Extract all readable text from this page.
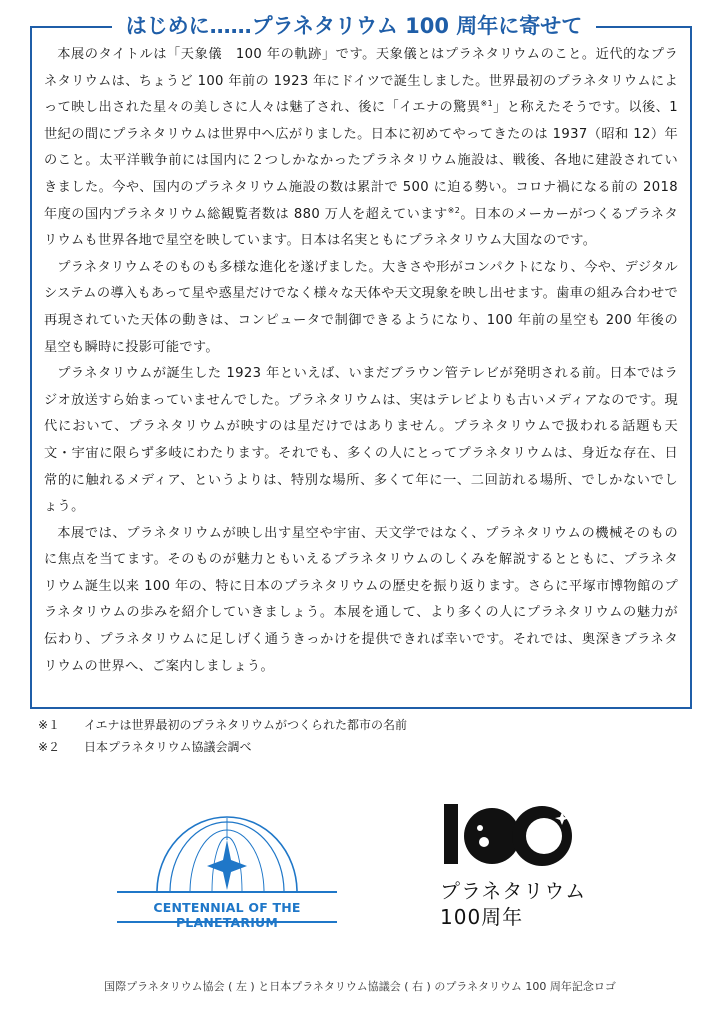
はじめに……プラネタリウム 100 周年に寄せて

本展のタイトルは「天象儀　100 年の軌跡」です。天象儀とはプラネタリウムのこと。近代的なプラネタリウムは、ちょうど 100 年前の 1923 年にドイツで誕生しました。世界最初のプラネタリウムによって映し出された星々の美しさに人々は魅了され、後に「イエナの驚異$^{※1}$」と称えたそうです。以後、1 世紀の間にプラネタリウムは世界中へ広がりました。日本に初めてやってきたのは 1937（昭和 12）年のこと。太平洋戦争前には国内に２つしかなかったプラネタリウム施設は、戦後、各地に建設されていきました。今や、国内のプラネタリウム施設の数は累計で 500 に迫る勢い。コロナ禍になる前の 2018 年度の国内プラネタリウム総観覧者数は 880 万人を超えています$^{※2}$。日本のメーカーがつくるプラネタリウムも世界各地で星空を映しています。日本は名実ともにプラネタリウム大国なのです。

プラネタリウムそのものも多様な進化を遂げました。大きさや形がコンパクトになり、今や、デジタルシステムの導入もあって星や惑星だけでなく様々な天体や天文現象を映し出せます。歯車の組み合わせで再現されていた天体の動きは、コンピュータで制御できるようになり、100 年前の星空も 200 年後の星空も瞬時に投影可能です。

プラネタリウムが誕生した 1923 年といえば、いまだブラウン管テレビが発明される前。日本ではラジオ放送すら始まっていませんでした。プラネタリウムは、実はテレビよりも古いメディアなのです。現代において、プラネタリウムが映すのは星だけではありません。プラネタリウムで扱われる話題も天文・宇宙に限らず多岐にわたります。それでも、多くの人にとってプラネタリウムは、身近な存在、日常的に触れるメディア、というよりは、特別な場所、多くて年に一、二回訪れる場所、でしかないでしょう。

本展では、プラネタリウムが映し出す星空や宇宙、天文学ではなく、プラネタリウムの機械そのものに焦点を当てます。そのものが魅力ともいえるプラネタリウムのしくみを解説するとともに、プラネタリウム誕生以来 100 年の、特に日本のプラネタリウムの歴史を振り返ります。さらに平塚市博物館のプラネタリウムの歩みを紹介していきましょう。本展を通して、より多くの人にプラネタリウムの魅力が伝わり、プラネタリウムに足しげく通うきっかけを提供できれば幸いです。それでは、奥深きプラネタリウムの世界へ、ご案内しましょう。

※１	イエナは世界最初のプラネタリウムがつくられた都市の名前
※２	日本プラネタリウム協議会調べ
CENTENNIAL OF THE PLANETARIUM
プラネタリウム
100周年
国際プラネタリウム協会 ( 左 ) と日本プラネタリウム協議会 ( 右 ) のプラネタリウム 100 周年記念ロゴ
